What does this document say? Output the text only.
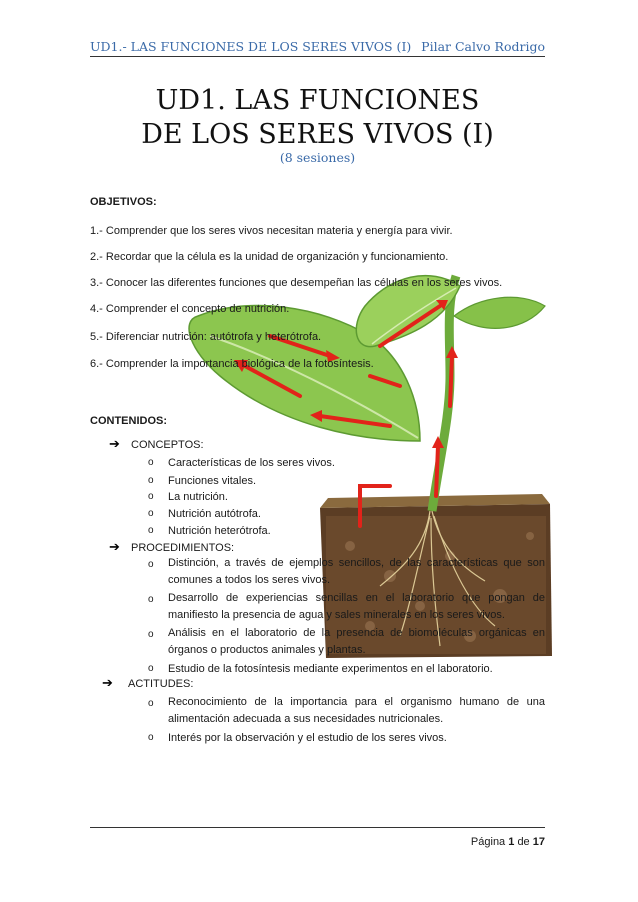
UD1.- LAS FUNCIONES DE LOS SERES VIVOS (I) Pilar Calvo Rodrigo
UD1. LAS FUNCIONES
DE LOS SERES VIVOS (I)
(8 sesiones)
OBJETIVOS:
1.- Comprender que los seres vivos necesitan materia y energía para vivir.
2.- Recordar que la célula es la unidad de organización y funcionamiento.
3.- Conocer las diferentes funciones que desempeñan las células en los seres vivos.
4.- Comprender el concepto de nutrición.
5.- Diferenciar nutrición: autótrofa y heterótrofa.
6.- Comprender la importancia biológica de la fotosíntesis.
CONTENIDOS:
➔ CONCEPTOS:
o Características de los seres vivos.
o Funciones vitales.
o La nutrición.
o Nutrición autótrofa.
o Nutrición heterótrofa.
➔ PROCEDIMIENTOS:
o Distinción, a través de ejemplos sencillos, de las características que son comunes a todos los seres vivos.
o Desarrollo de experiencias sencillas en el laboratorio que pongan de manifiesto la presencia de agua y sales minerales en los seres vivos.
o Análisis en el laboratorio de la presencia de biomoléculas orgánicas en órganos o productos animales y plantas.
o Estudio de la fotosíntesis mediante experimentos en el laboratorio.
➔ ACTITUDES:
o Reconocimiento de la importancia para el organismo humano de una alimentación adecuada a sus necesidades nutricionales.
o Interés por la observación y el estudio de los seres vivos.
Página 1 de 17
